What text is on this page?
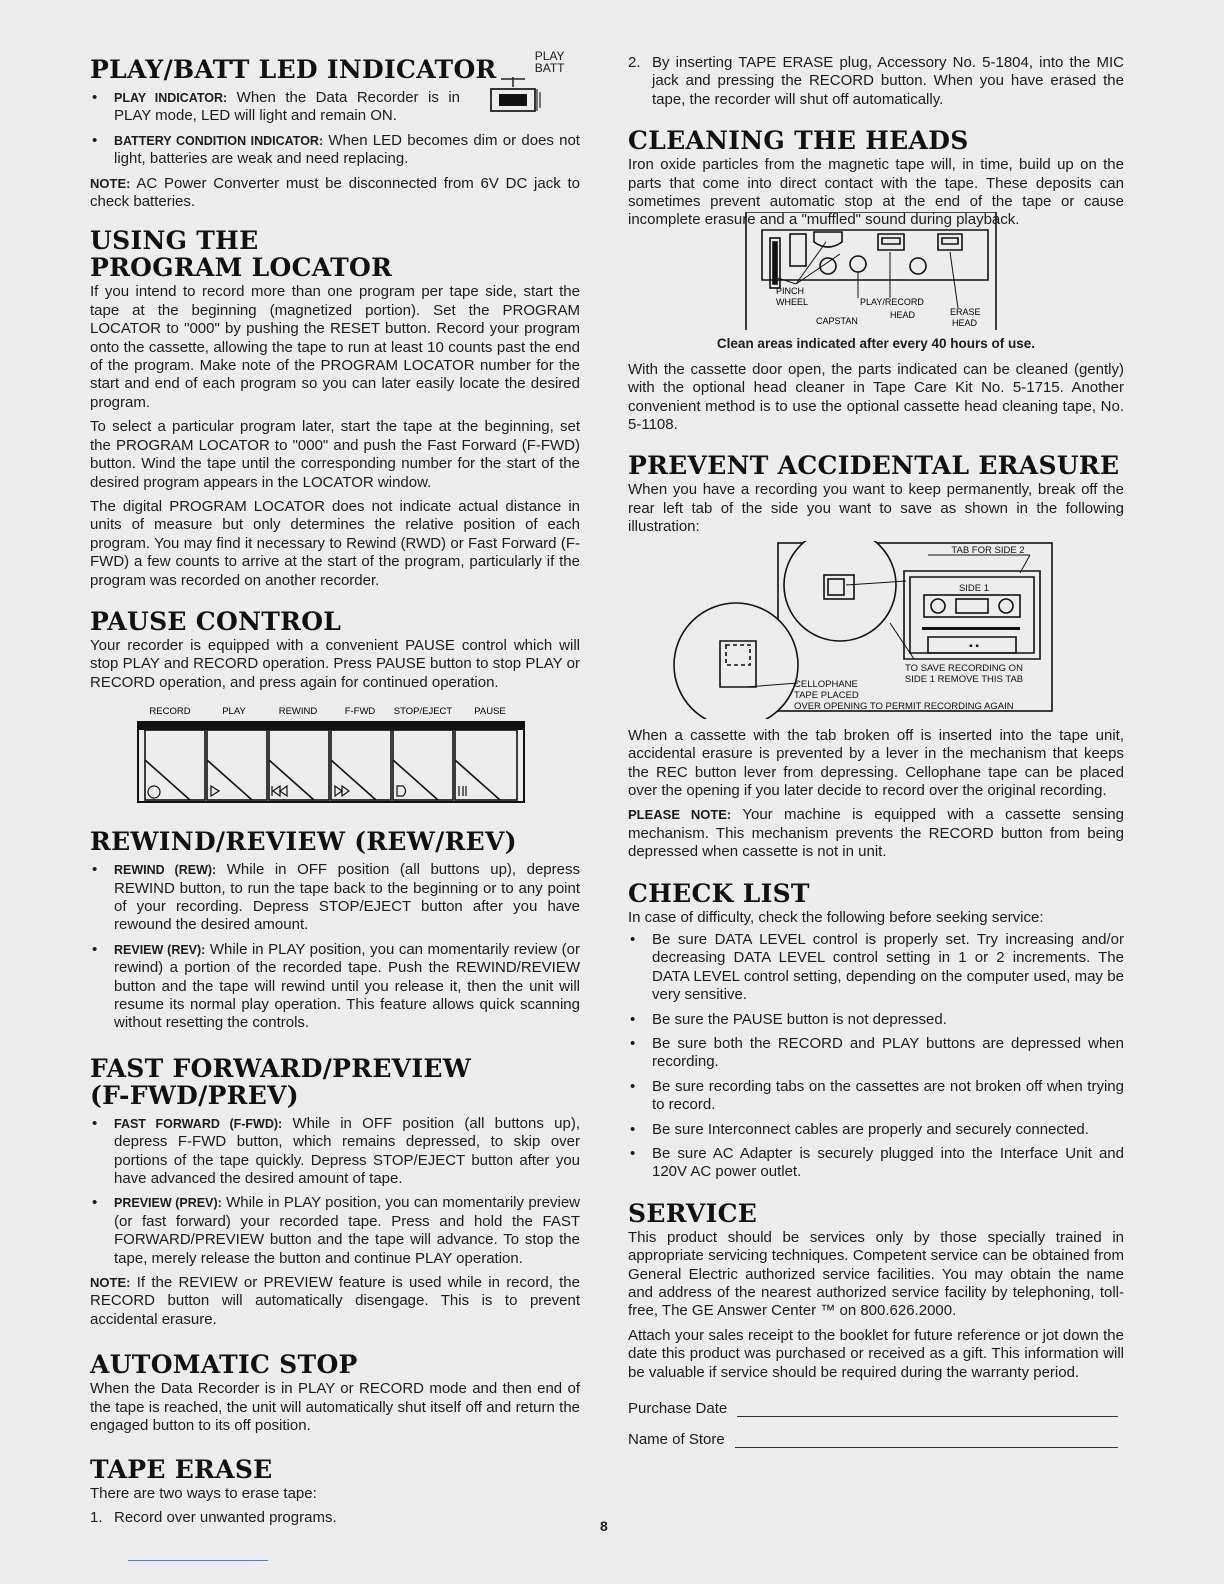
PLAY/BATT LED INDICATOR	PLAY
BATT
• PLAY INDICATOR: When the Data Recorder is in PLAY mode, LED will light and remain ON.
• BATTERY CONDITION INDICATOR: When LED becomes dim or does not light, batteries are weak and need replacing.

NOTE: AC Power Converter must be disconnected from 6V DC jack to check batteries.

USING THE
PROGRAM LOCATOR

If you intend to record more than one program per tape side, start the tape at the beginning (magnetized portion). Set the PROGRAM LOCATOR to "000" by pushing the RESET button. Record your program onto the cassette, allowing the tape to run at least 10 counts past the end of the program. Make note of the PROGRAM LOCATOR number for the start and end of each program so you can later easily locate the desired program.

To select a particular program later, start the tape at the beginning, set the PROGRAM LOCATOR to "000" and push the Fast Forward (F-FWD) button. Wind the tape until the corresponding number for the start of the desired program appears in the LOCATOR window.

The digital PROGRAM LOCATOR does not indicate actual distance in units of measure but only determines the relative position of each program. You may find it necessary to Rewind (RWD) or Fast Forward (F-FWD) a few counts to arrive at the start of the program, particularly if the program was recorded on another recorder.

PAUSE CONTROL

Your recorder is equipped with a convenient PAUSE control which will stop PLAY and RECORD operation. Press PAUSE button to stop PLAY or RECORD operation, and press again for continued operation.

RECORD	PLAY	REWIND	F-FWD STOP/EJECT PAUSE
REWIND/REVIEW (REW/REV)
• REWIND (REW): While in OFF position (all buttons up), depress REWIND button, to run the tape back to the beginning or to any point of your recording. Depress STOP/EJECT button after you have rewound the desired amount.
• REVIEW (REV): While in PLAY position, you can momentarily review (or rewind) a portion of the recorded tape. Push the REWIND/REVIEW button and the tape will rewind until you release it, then the unit will resume its normal play operation. This feature allows quick scanning without resetting the controls.
FAST FORWARD/PREVIEW
(F-FWD/PREV)
• FAST FORWARD (F-FWD): While in OFF position (all buttons up), depress F-FWD button, which remains depressed, to skip over portions of the tape quickly. Depress STOP/EJECT button after you have advanced the desired amount of tape.
• PREVIEW (PREV): While in PLAY position, you can momentarily preview (or fast forward) your recorded tape. Press and hold the FAST FORWARD/PREVIEW button and the tape will advance. To stop the tape, merely release the button and continue PLAY operation.

NOTE: If the REVIEW or PREVIEW feature is used while in record, the RECORD button will automatically disengage. This is to prevent accidental erasure.

AUTOMATIC STOP

When the Data Recorder is in PLAY or RECORD mode and then end of the tape is reached, the unit will automatically shut itself off and return the engaged button to its off position.

TAPE ERASE

There are two ways to erase tape:

1. Record over unwanted programs.
2. By inserting TAPE ERASE plug, Accessory No. 5-1804, into the MIC jack and pressing the RECORD button. When you have erased the tape, the recorder will shut off automatically.
CLEANING THE HEADS

Iron oxide particles from the magnetic tape will, in time, build up on the parts that come into direct contact with the tape. These deposits can sometimes prevent automatic stop at the end of the tape or cause incomplete erasure and a "muffled" sound during playback.

PINCH
WHEEL	PLAY/RECORD
CAPSTAN
HEAD	ERASE
HEAD
Clean areas indicated after every 40 hours of use.

With the cassette door open, the parts indicated can be cleaned (gently) with the optional head cleaner in Tape Care Kit No. 5-1715. Another convenient method is to use the optional cassette head cleaning tape, No. 5-1108.

PREVENT ACCIDENTAL ERASURE

When you have a recording you want to keep permanently, break off the rear left tab of the side you want to save as shown in the following illustration:

▪ ▪
TAB FOR SIDE 2
SIDE 1
TO SAVE RECORDING ON
SIDE 1 REMOVE THIS TAB
CELLOPHANE
TAPE PLACED
OVER OPENING TO PERMIT RECORDING AGAIN

When a cassette with the tab broken off is inserted into the tape unit, accidental erasure is prevented by a lever in the mechanism that keeps the REC button lever from depressing. Cellophane tape can be placed over the opening if you later decide to record over the original recording.

PLEASE NOTE: Your machine is equipped with a cassette sensing mechanism. This mechanism prevents the RECORD button from being depressed when cassette is not in unit.

CHECK LIST

In case of difficulty, check the following before seeking service:

• Be sure DATA LEVEL control is properly set. Try increasing and/or decreasing DATA LEVEL control setting in 1 or 2 increments. The DATA LEVEL control setting, depending on the computer used, may be very sensitive.
• Be sure the PAUSE button is not depressed.
• Be sure both the RECORD and PLAY buttons are depressed when recording.
• Be sure recording tabs on the cassettes are not broken off when trying to record.
• Be sure Interconnect cables are properly and securely connected.
• Be sure AC Adapter is securely plugged into the Interface Unit and 120V AC power outlet.
SERVICE

This product should be services only by those specially trained in appropriate servicing techniques. Competent service can be obtained from General Electric authorized service facilities. You may obtain the name and address of the nearest authorized service facility by telephoning, toll-free, The GE Answer Center ™ on 800.626.2000.

Attach your sales receipt to the booklet for future reference or jot down the date this product was purchased or received as a gift. This information will be valuable if service should be required during the warranty period.

Purchase Date
Name of Store
8
